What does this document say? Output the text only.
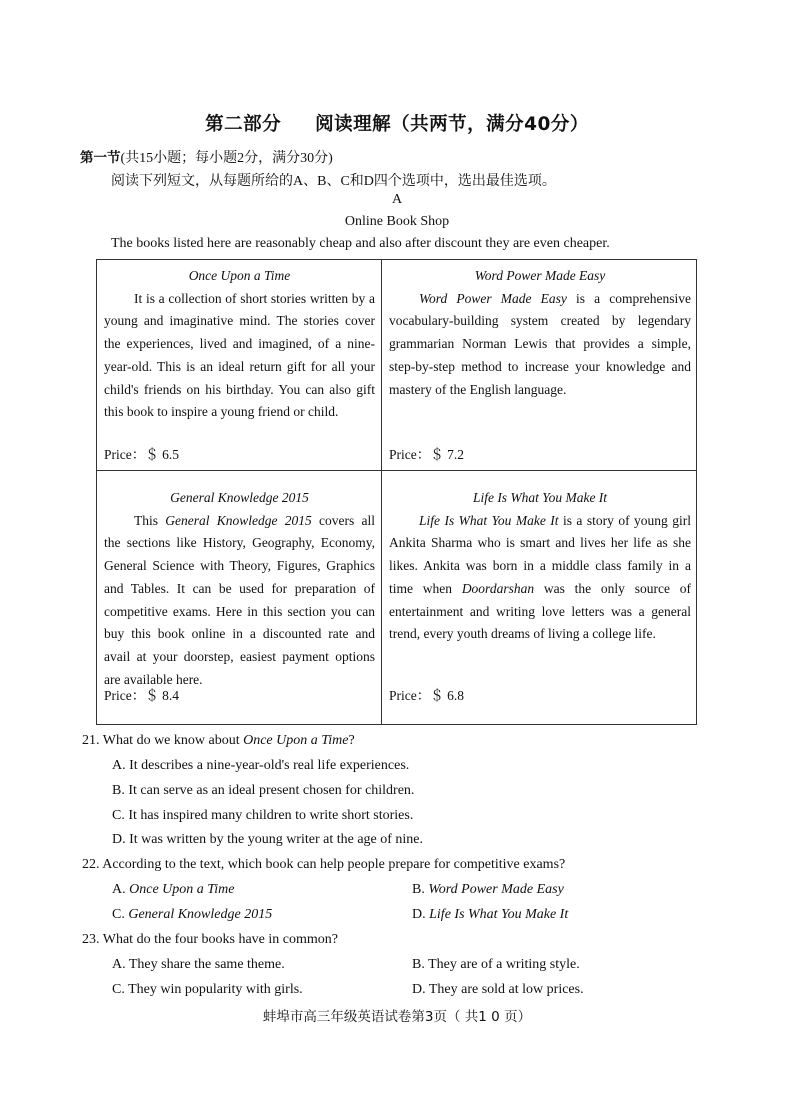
第二部分 阅读理解（共两节，满分40分）
第一节(共15小题；每小题2分，满分30分)
阅读下列短文，从每题所给的A、B、C和D四个选项中，选出最佳选项。
A
Online Book Shop
The books listed here are reasonably cheap and also after discount they are even cheaper.
Once Upon a Time
It is a collection of short stories written by a young and imaginative mind. The stories cover the experiences, lived and imagined, of a nine-year-old. This is an ideal return gift for all your child's friends on his birthday. You can also gift this book to inspire a young friend or child.
Price：＄ 6.5
Word Power Made Easy
Word Power Made Easy is a comprehensive vocabulary-building system created by legendary grammarian Norman Lewis that provides a simple, step-by-step method to increase your knowledge and mastery of the English language.
Price：＄ 7.2
General Knowledge 2015
This General Knowledge 2015 covers all the sections like History, Geography, Economy, General Science with Theory, Figures, Graphics and Tables. It can be used for preparation of competitive exams. Here in this section you can buy this book online in a discounted rate and avail at your doorstep, easiest payment options are available here.
Price：＄ 8.4
Life Is What You Make It
Life Is What You Make It is a story of young girl Ankita Sharma who is smart and lives her life as she likes. Ankita was born in a middle class family in a time when Doordarshan was the only source of entertainment and writing love letters was a general trend, every youth dreams of living a college life.
Price：＄ 6.8
21. What do we know about Once Upon a Time?
A. It describes a nine-year-old's real life experiences.
B. It can serve as an ideal present chosen for children.
C. It has inspired many children to write short stories.
D. It was written by the young writer at the age of nine.
22. According to the text, which book can help people prepare for competitive exams?
A. Once Upon a Time	B. Word Power Made Easy
C. General Knowledge 2015	D. Life Is What You Make It
23. What do the four books have in common?
A. They share the same theme.	B. They are of a writing style.
C. They win popularity with girls.	D. They are sold at low prices.
蚌埠市高三年级英语试卷第3页（ 共1 0 页）
